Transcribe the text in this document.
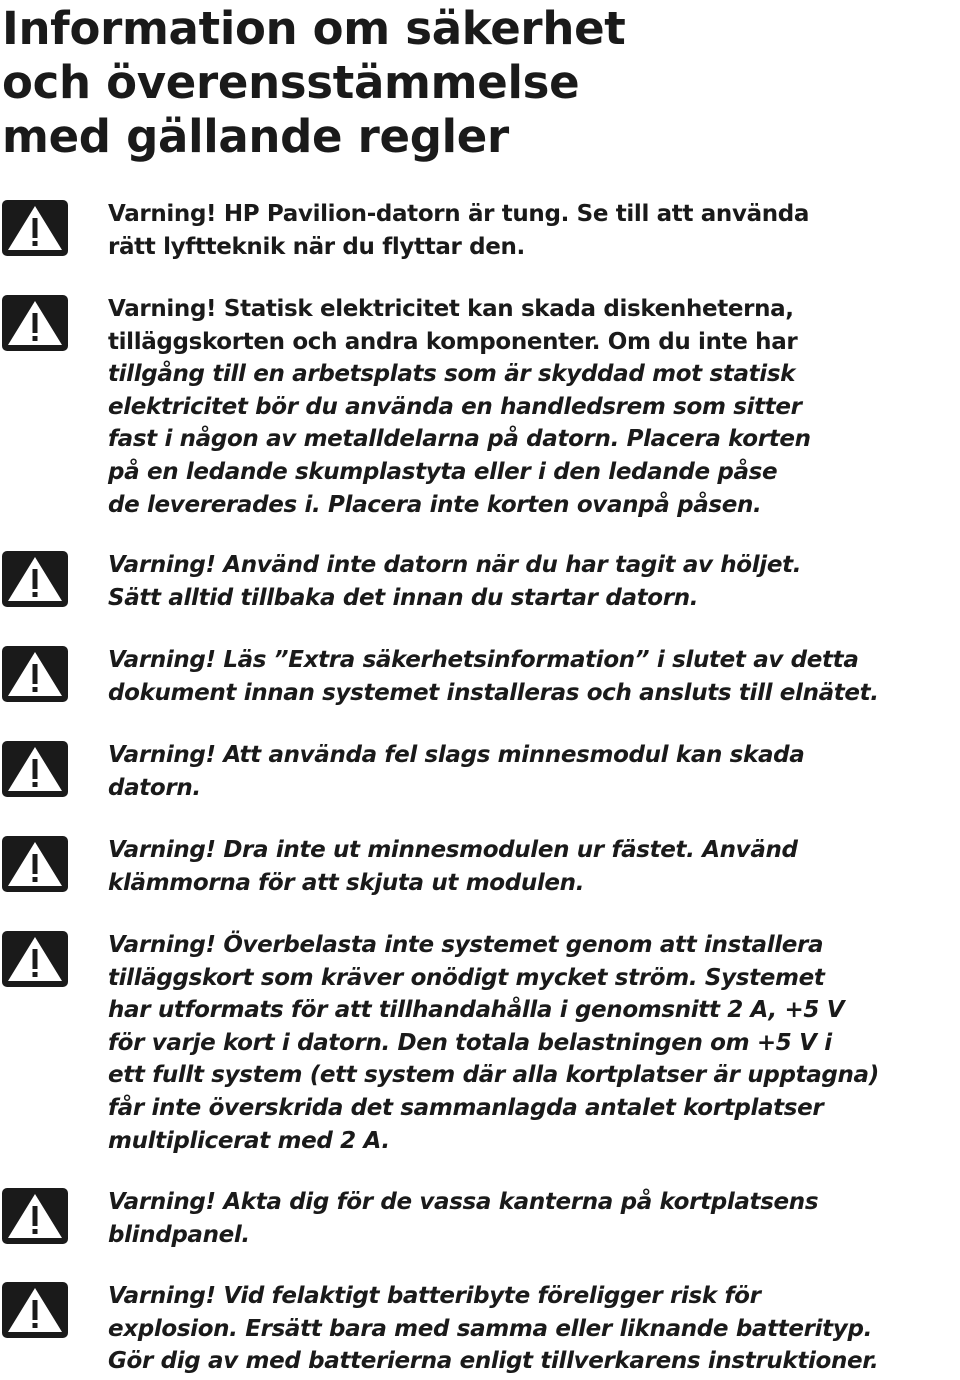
Information om säkerhet
och överensstämmelse
med gällande regler

Varning! HP Pavilion-datorn är tung. Se till att använda
rätt lyftteknik när du flyttar den.

Varning! Statisk elektricitet kan skada diskenheterna,
tilläggskorten och andra komponenter. Om du inte har
tillgång till en arbetsplats som är skyddad mot statisk
elektricitet bör du använda en handledsrem som sitter
fast i någon av metalldelarna på datorn. Placera korten
på en ledande skumplastyta eller i den ledande påse
de levererades i. Placera inte korten ovanpå påsen.

Varning! Använd inte datorn när du har tagit av höljet.
Sätt alltid tillbaka det innan du startar datorn.

Varning! Läs ”Extra säkerhetsinformation” i slutet av detta
dokument innan systemet installeras och ansluts till elnätet.

Varning! Att använda fel slags minnesmodul kan skada
datorn.

Varning! Dra inte ut minnesmodulen ur fästet. Använd
klämmorna för att skjuta ut modulen.

Varning! Överbelasta inte systemet genom att installera
tilläggskort som kräver onödigt mycket ström. Systemet
har utformats för att tillhandahålla i genomsnitt 2 A, +5 V
för varje kort i datorn. Den totala belastningen om +5 V i
ett fullt system (ett system där alla kortplatser är upptagna)
får inte överskrida det sammanlagda antalet kortplatser
multiplicerat med 2 A.

Varning! Akta dig för de vassa kanterna på kortplatsens
blindpanel.

Varning! Vid felaktigt batteribyte föreligger risk för
explosion. Ersätt bara med samma eller liknande batterityp.
Gör dig av med batterierna enligt tillverkarens instruktioner.
